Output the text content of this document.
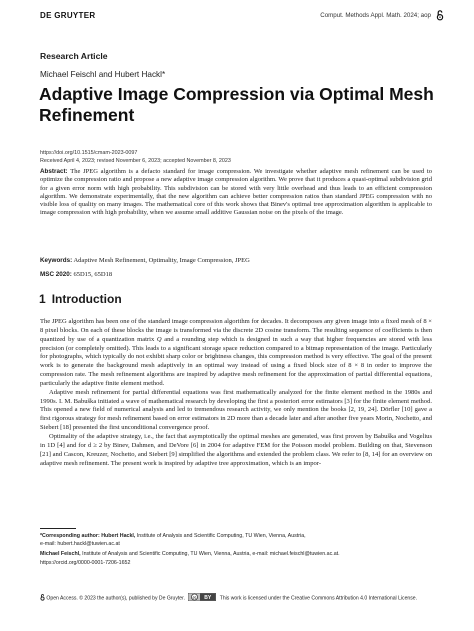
DE GRUYTER	Comput. Methods Appl. Math. 2024; aop
Research Article
Michael Feischl and Hubert Hackl*
Adaptive Image Compression via Optimal Mesh Refinement
https://doi.org/10.1515/cmam-2023-0097
Received April 4, 2023; revised November 6, 2023; accepted November 8, 2023

Abstract: The JPEG algorithm is a defacto standard for image compression. We investigate whether adaptive mesh refinement can be used to optimize the compression ratio and propose a new adaptive image compression algorithm. We prove that it produces a quasi-optimal subdivision grid for a given error norm with high probability. This subdivision can be stored with very little overhead and thus leads to an efficient compression algorithm. We demonstrate experimentally, that the new algorithm can achieve better compression ratios than standard JPEG compression with no visible loss of quality on many images. The mathematical core of this work shows that Binev's optimal tree approximation algorithm is applicable to image compression with high probability, when we assume small additive Gaussian noise on the pixels of the image.

Keywords: Adaptive Mesh Refinement, Optimality, Image Compression, JPEG

MSC 2020: 65D15, 65D18

1 Introduction

The JPEG algorithm has been one of the standard image compression algorithm for decades. It decomposes any given image into a fixed mesh of 8 × 8 pixel blocks. On each of these blocks the image is transformed via the discrete 2D cosine transform. The resulting sequence of coefficients is then quantized by use of a quantization matrix Q and a rounding step which is designed in such a way that higher frequencies are stored with less precision (or completely omitted). This leads to a significant storage space reduction compared to a bitmap representation of the image. Particularly for photographs, which typically do not exhibit sharp color or brightness changes, this compression method is very effective. The goal of the present work is to generate the background mesh adaptively in an optimal way instead of using a fixed block size of 8 × 8 in order to improve the compression rate. The mesh refinement algorithms are inspired by adaptive mesh refinement for the approximation of partial differential equations, particularly the adaptive finite element method.

Adaptive mesh refinement for partial differential equations was first mathematically analyzed for the finite element method in the 1980s and 1990s. I. M. Babuška initiated a wave of mathematical research by developing the first a posteriori error estimators [3] for the finite element method. This opened a new field of numerical analysis and led to tremendous research activity, we only mention the books [2, 19, 24]. Dörfler [10] gave a first rigorous strategy for mesh refinement based on error estimators in 2D more than a decade later and after another five years Morin, Nochetto, and Siebert [18] presented the first unconditional convergence proof.

Optimality of the adaptive strategy, i.e., the fact that asymptotically the optimal meshes are generated, was first proven by Babuška and Vogelius in 1D [4] and for d ≥ 2 by Binev, Dahmen, and DeVore [6] in 2004 for adaptive FEM for the Poisson model problem. Building on that, Stevenson [21] and Cascon, Kreuzer, Nochetto, and Siebert [9] simplified the algorithms and extended the problem class. We refer to [8, 14] for an overview on adaptive mesh refinement. The present work is inspired by adaptive tree approximation, which is an impor-

*Corresponding author: Hubert Hackl, Institute of Analysis and Scientific Computing, TU Wien, Vienna, Austria,

e-mail: hubert.hackl@tuwien.ac.at

Michael Feischl, Institute of Analysis and Scientific Computing, TU Wien, Vienna, Austria, e-mail: michael.feischl@tuwien.ac.at.

https://orcid.org/0000-0001-7206-1652

Open Access. © 2023 the author(s), published by De Gruyter. cc BY This work is licensed under the Creative Commons Attribution 4.0 International License.
